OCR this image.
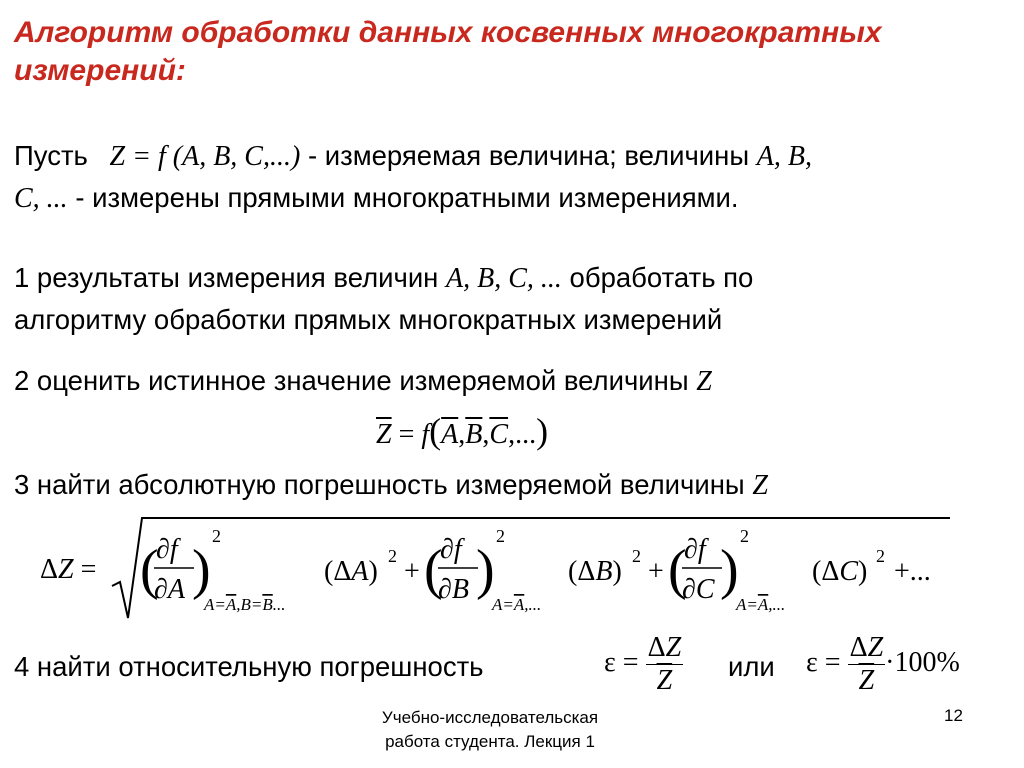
Алгоритм обработки данных косвенных многократных измерений:
Пусть Z = f (A, B, C,...) - измеряемая величина; величины A, B,
C, ... - измерены прямыми многократными измерениями.
1 результаты измерения величин A, B, C, ... обработать по
алгоритму обработки прямых многократных измерений
2 оценить истинное значение измеряемой величины Z
$\overline{Z} = f(\overline{A},\overline{B},\overline{C},...)$
3 найти абсолютную погрешность измеряемой величины Z
ΔZ = (
∂f
∂A )
2
A=A,B=B...
(ΔA) 2 + (
∂f
∂B )
2
A=A,...
(ΔB) 2 + (
∂f
∂C )
2
A=A,...
(ΔC) 2 +...
4 найти относительную погрешность	$\varepsilon = \frac{\Delta Z}{Z}$ или $\varepsilon = \frac{\Delta Z}{Z} \cdot 100\%$
Учебно-исследовательская
работа студента. Лекция 1
12
